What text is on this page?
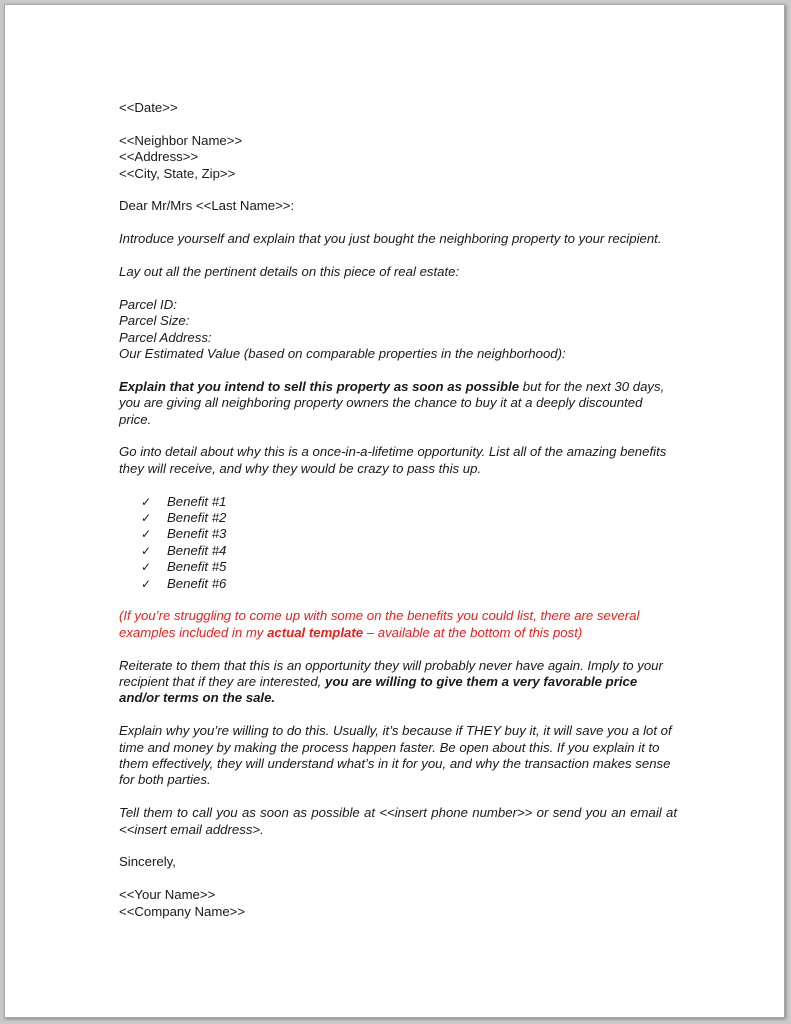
<<Date>>

<<Neighbor Name>>
<<Address>>
<<City, State, Zip>>

Dear Mr/Mrs <<Last Name>>:

Introduce yourself and explain that you just bought the neighboring property to your recipient.

Lay out all the pertinent details on this piece of real estate:

Parcel ID:
Parcel Size:
Parcel Address:
Our Estimated Value (based on comparable properties in the neighborhood):

Explain that you intend to sell this property as soon as possible but for the next 30 days, you are giving all neighboring property owners the chance to buy it at a deeply discounted price.

Go into detail about why this is a once-in-a-lifetime opportunity. List all of the amazing benefits they will receive, and why they would be crazy to pass this up.

✓	Benefit #1
✓	Benefit #2
✓	Benefit #3
✓	Benefit #4
✓	Benefit #5
✓	Benefit #6

(If you’re struggling to come up with some on the benefits you could list, there are several examples included in my actual template – available at the bottom of this post)

Reiterate to them that this is an opportunity they will probably never have again. Imply to your recipient that if they are interested, you are willing to give them a very favorable price and/or terms on the sale.

Explain why you’re willing to do this. Usually, it’s because if THEY buy it, it will save you a lot of time and money by making the process happen faster. Be open about this. If you explain it to them effectively, they will understand what’s in it for you, and why the transaction makes sense for both parties.

Tell them to call you as soon as possible at <<insert phone number>> or send you an email at <<insert email address>.

Sincerely,

<<Your Name>>
<<Company Name>>
